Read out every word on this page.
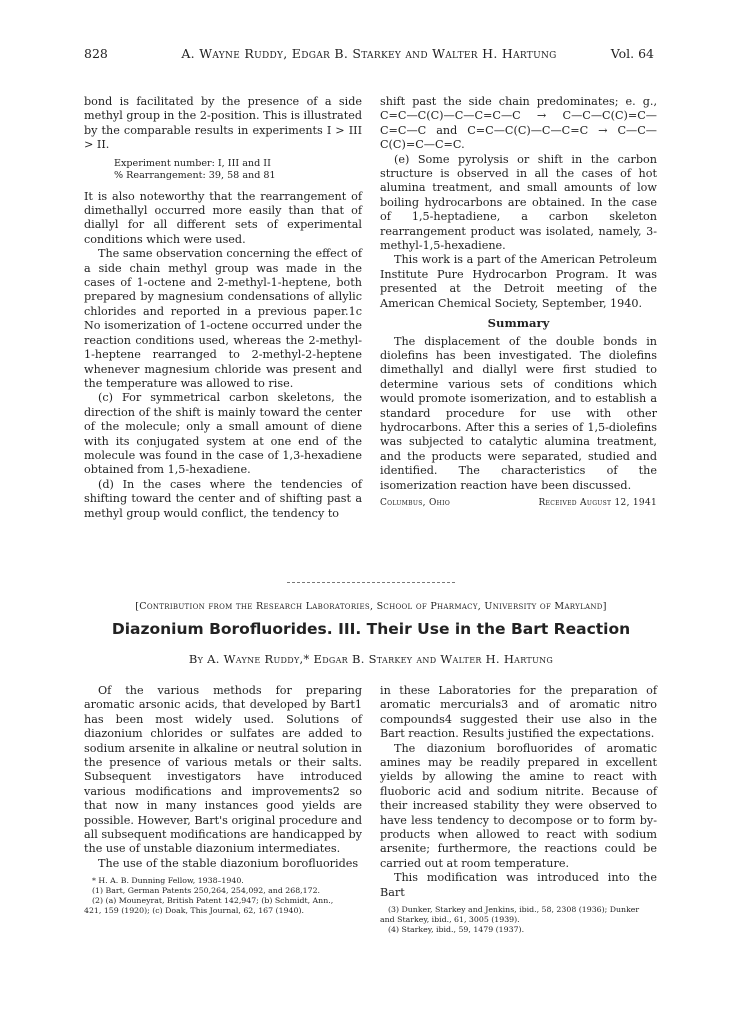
828	A. Wayne Ruddy, Edgar B. Starkey and Walter H. Hartung	Vol. 64

bond is facilitated by the presence of a side methyl group in the 2-position. This is illustrated by the comparable results in experiments I > III > II.

Experiment number: I, III and II
% Rearrangement: 39, 58 and 81

It is also noteworthy that the rearrangement of dimethallyl occurred more easily than that of diallyl for all different sets of experimental conditions which were used.

The same observation concerning the effect of a side chain methyl group was made in the cases of 1-octene and 2-methyl-1-heptene, both prepared by magnesium condensations of allylic chlorides and reported in a previous paper.1c No isomerization of 1-octene occurred under the reaction conditions used, whereas the 2-methyl-1-heptene rearranged to 2-methyl-2-heptene whenever magnesium chloride was present and the temperature was allowed to rise.

(c) For symmetrical carbon skeletons, the direction of the shift is mainly toward the center of the molecule; only a small amount of diene with its conjugated system at one end of the molecule was found in the case of 1,3-hexadiene obtained from 1,5-hexadiene.

(d) In the cases where the tendencies of shifting toward the center and of shifting past a methyl group would conflict, the tendency to

shift past the side chain predominates; e. g., C=C—C(C)—C—C=C—C → C—C—C(C)=C—C=C—C and C=C—C(C)—C—C=C → C—C—C(C)=C—C=C.

(e) Some pyrolysis or shift in the carbon structure is observed in all the cases of hot alumina treatment, and small amounts of low boiling hydrocarbons are obtained. In the case of 1,5-heptadiene, a carbon skeleton rearrangement product was isolated, namely, 3-methyl-1,5-hexadiene.

This work is a part of the American Petroleum Institute Pure Hydrocarbon Program. It was presented at the Detroit meeting of the American Chemical Society, September, 1940.

Summary

The displacement of the double bonds in diolefins has been investigated. The diolefins dimethallyl and diallyl were first studied to determine various sets of conditions which would promote isomerization, and to establish a standard procedure for use with other hydrocarbons. After this a series of 1,5-diolefins was subjected to catalytic alumina treatment, and the products were separated, studied and identified. The characteristics of the isomerization reaction have been discussed.

Columbus, Ohio	Received August 12, 1941
[Contribution from the Research Laboratories, School of Pharmacy, University of Maryland]
Diazonium Borofluorides. III. Their Use in the Bart Reaction
By A. Wayne Ruddy,* Edgar B. Starkey and Walter H. Hartung

Of the various methods for preparing aromatic arsonic acids, that developed by Bart1 has been most widely used. Solutions of diazonium chlorides or sulfates are added to sodium arsenite in alkaline or neutral solution in the presence of various metals or their salts. Subsequent investigators have introduced various modifications and improvements2 so that now in many instances good yields are possible. However, Bart's original procedure and all subsequent modifications are handicapped by the use of unstable diazonium intermediates.

The use of the stable diazonium borofluorides

* H. A. B. Dunning Fellow, 1938–1940.
(1) Bart, German Patents 250,264, 254,092, and 268,172.
(2) (a) Mouneyrat, British Patent 142,947; (b) Schmidt, Ann.,
421, 159 (1920); (c) Doak, This Journal, 62, 167 (1940).

in these Laboratories for the preparation of aromatic mercurials3 and of aromatic nitro compounds4 suggested their use also in the Bart reaction. Results justified the expectations.

The diazonium borofluorides of aromatic amines may be readily prepared in excellent yields by allowing the amine to react with fluoboric acid and sodium nitrite. Because of their increased stability they were observed to have less tendency to decompose or to form by-products when allowed to react with sodium arsenite; furthermore, the reactions could be carried out at room temperature.

This modification was introduced into the Bart

(3) Dunker, Starkey and Jenkins, ibid., 58, 2308 (1936); Dunker
and Starkey, ibid., 61, 3005 (1939).
(4) Starkey, ibid., 59, 1479 (1937).
